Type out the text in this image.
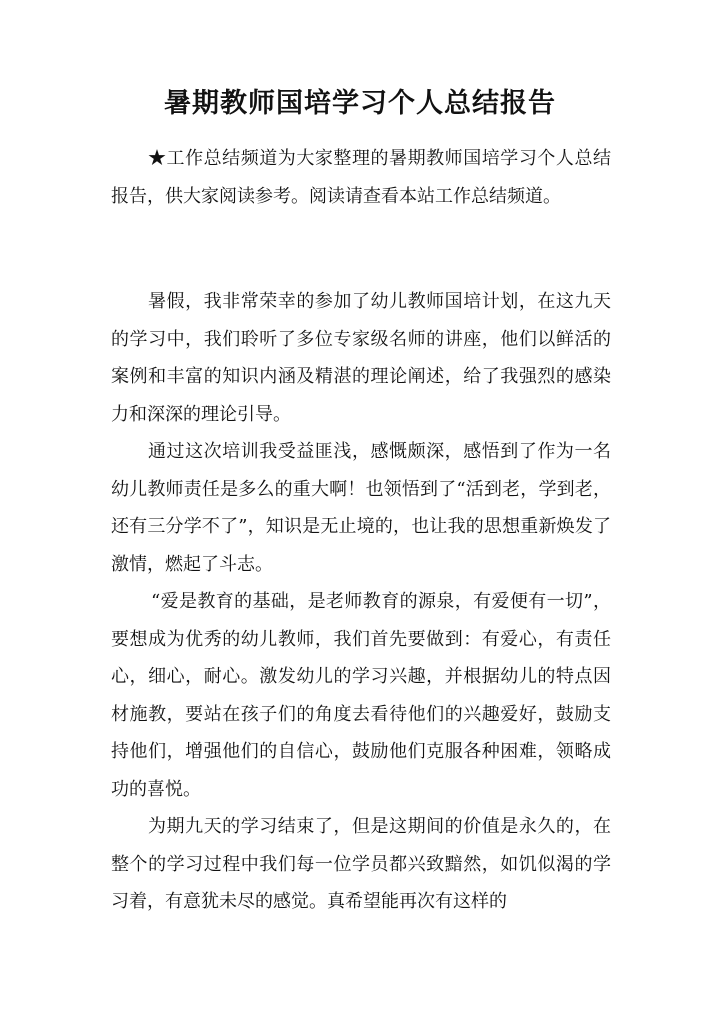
暑期教师国培学习个人总结报告

★工作总结频道为大家整理的暑期教师国培学习个人总结报告，供大家阅读参考。阅读请查看本站工作总结频道。

暑假，我非常荣幸的参加了幼儿教师国培计划，在这九天的学习中，我们聆听了多位专家级名师的讲座，他们以鲜活的案例和丰富的知识内涵及精湛的理论阐述，给了我强烈的感染力和深深的理论引导。

通过这次培训我受益匪浅，感慨颇深，感悟到了作为一名幼儿教师责任是多么的重大啊！也领悟到了“活到老，学到老，还有三分学不了”，知识是无止境的，也让我的思想重新焕发了激情，燃起了斗志。

“爱是教育的基础，是老师教育的源泉，有爱便有一切”，要想成为优秀的幼儿教师，我们首先要做到：有爱心，有责任心，细心，耐心。激发幼儿的学习兴趣，并根据幼儿的特点因材施教，要站在孩子们的角度去看待他们的兴趣爱好，鼓励支持他们，增强他们的自信心，鼓励他们克服各种困难，领略成功的喜悦。

为期九天的学习结束了，但是这期间的价值是永久的，在整个的学习过程中我们每一位学员都兴致黯然，如饥似渴的学习着，有意犹未尽的感觉。真希望能再次有这样的
